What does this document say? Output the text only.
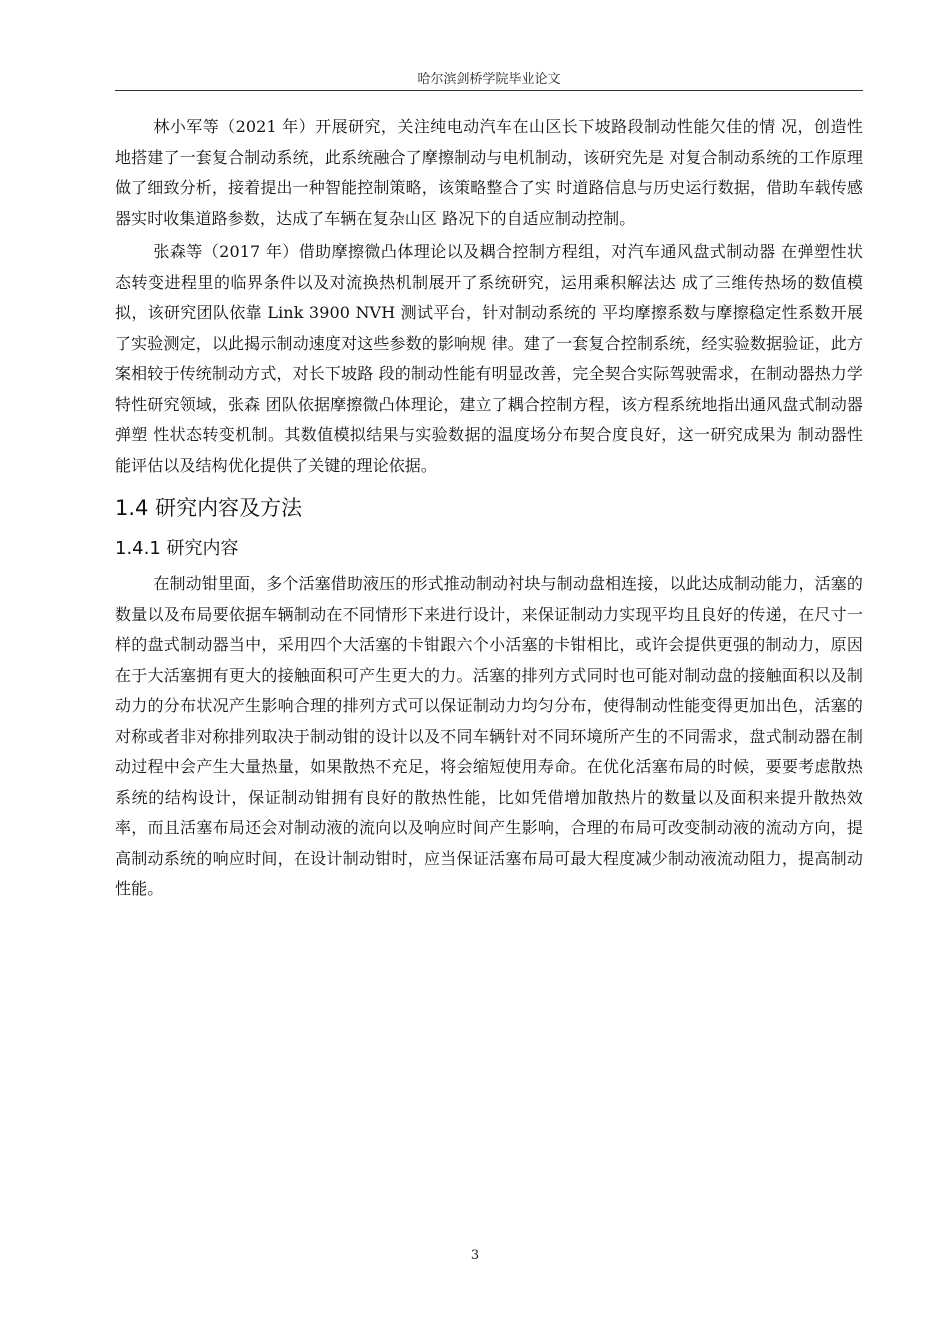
哈尔滨剑桥学院毕业论文

林小军等（2021 年）开展研究，关注纯电动汽车在山区长下坡路段制动性能欠佳的情 况，创造性地搭建了一套复合制动系统，此系统融合了摩擦制动与电机制动，该研究先是 对复合制动系统的工作原理做了细致分析，接着提出一种智能控制策略，该策略整合了实 时道路信息与历史运行数据，借助车载传感器实时收集道路参数，达成了车辆在复杂山区 路况下的自适应制动控制。

张森等（2017 年）借助摩擦微凸体理论以及耦合控制方程组，对汽车通风盘式制动器 在弹塑性状态转变进程里的临界条件以及对流换热机制展开了系统研究，运用乘积解法达 成了三维传热场的数值模拟，该研究团队依靠 Link 3900 NVH 测试平台，针对制动系统的 平均摩擦系数与摩擦稳定性系数开展了实验测定，以此揭示制动速度对这些参数的影响规 律。建了一套复合控制系统，经实验数据验证，此方案相较于传统制动方式，对长下坡路 段的制动性能有明显改善，完全契合实际驾驶需求，在制动器热力学特性研究领域，张森 团队依据摩擦微凸体理论，建立了耦合控制方程，该方程系统地指出通风盘式制动器弹塑 性状态转变机制。其数值模拟结果与实验数据的温度场分布契合度良好，这一研究成果为 制动器性能评估以及结构优化提供了关键的理论依据。

1.4 研究内容及方法
1.4.1 研究内容

在制动钳里面，多个活塞借助液压的形式推动制动衬块与制动盘相连接，以此达成制动能力，活塞的数量以及布局要依据车辆制动在不同情形下来进行设计，来保证制动力实现平均且良好的传递，在尺寸一样的盘式制动器当中，采用四个大活塞的卡钳跟六个小活塞的卡钳相比，或许会提供更强的制动力，原因在于大活塞拥有更大的接触面积可产生更大的力。活塞的排列方式同时也可能对制动盘的接触面积以及制动力的分布状况产生影响合理的排列方式可以保证制动力均匀分布，使得制动性能变得更加出色，活塞的对称或者非对称排列取决于制动钳的设计以及不同车辆针对不同环境所产生的不同需求，盘式制动器在制动过程中会产生大量热量，如果散热不充足，将会缩短使用寿命。在优化活塞布局的时候，要要考虑散热系统的结构设计，保证制动钳拥有良好的散热性能，比如凭借增加散热片的数量以及面积来提升散热效率，而且活塞布局还会对制动液的流向以及响应时间产生影响，合理的布局可改变制动液的流动方向，提高制动系统的响应时间，在设计制动钳时，应当保证活塞布局可最大程度减少制动液流动阻力，提高制动性能。

3
